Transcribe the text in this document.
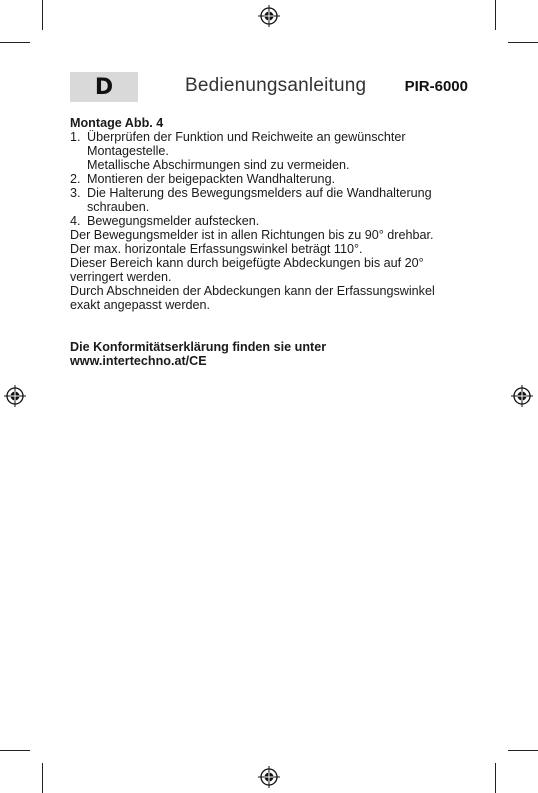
D	Bedienungsanleitung	PIR-6000
Montage Abb. 4
1. Überprüfen der Funktion und Reichweite an gewünschter
Montagestelle.
Metallische Abschirmungen sind zu vermeiden.
2. Montieren der beigepackten Wandhalterung.
3. Die Halterung des Bewegungsmelders auf die Wandhalterung
schrauben.
4. Bewegungsmelder aufstecken.
Der Bewegungsmelder ist in allen Richtungen bis zu 90° drehbar.
Der max. horizontale Erfassungswinkel beträgt 110°.
Dieser Bereich kann durch beigefügte Abdeckungen bis auf 20°
verringert werden.
Durch Abschneiden der Abdeckungen kann der Erfassungswinkel
exakt angepasst werden.
Die Konformitätserklärung finden sie unter
www.intertechno.at/CE
